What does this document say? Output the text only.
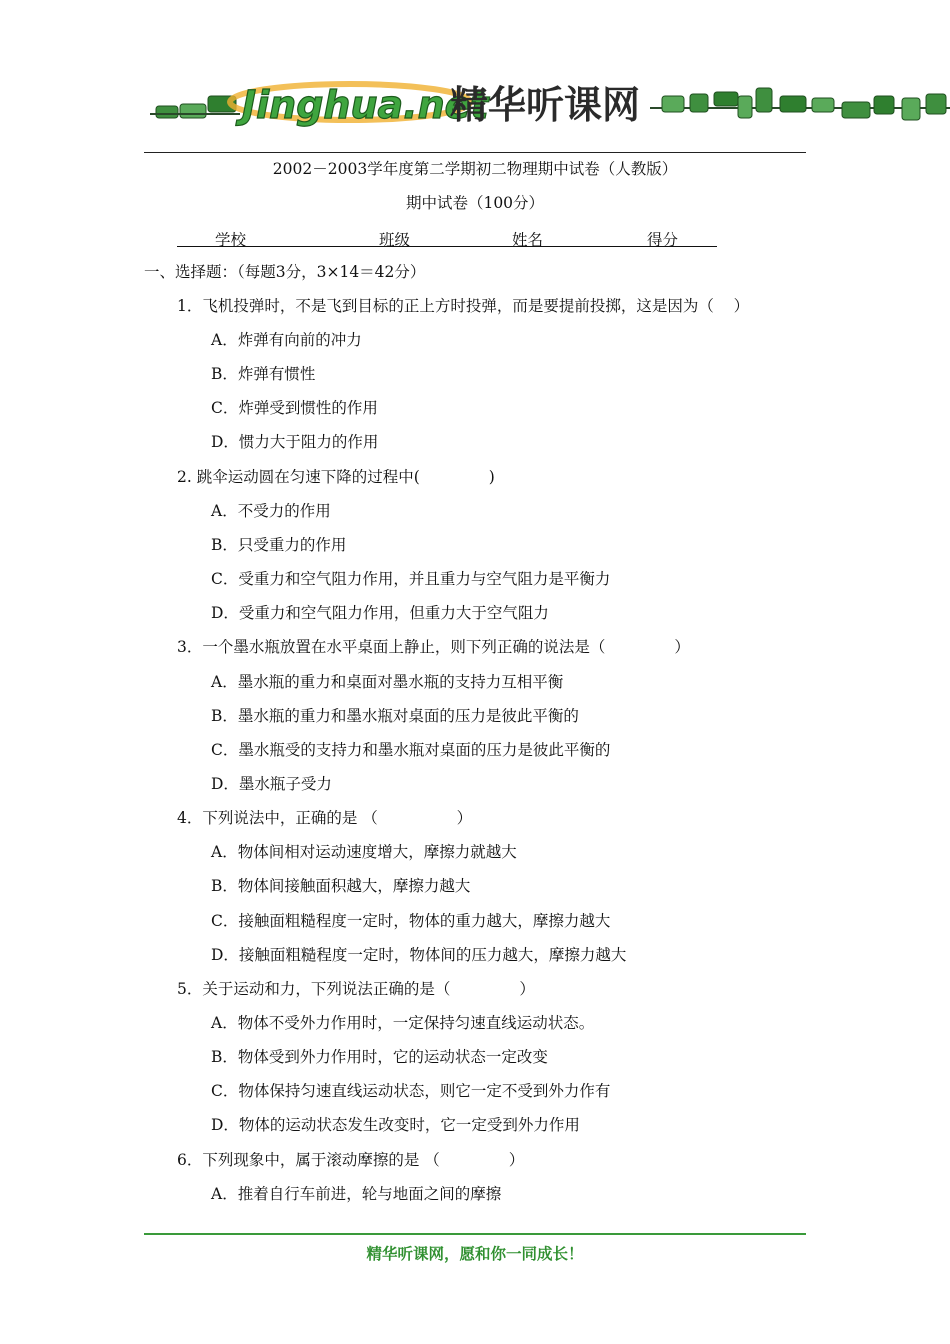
Jinghua.net
精华听课网
2002－2003学年度第二学期初二物理期中试卷（人教版）
期中试卷（100分）
学校	班级	姓名	得分
一、选择题：（每题3分，3×14＝42分）
1．飞机投弹时，不是飞到目标的正上方时投弹，而是要提前投掷，这是因为（    ）
A．炸弹有向前的冲力
B．炸弹有惯性
C．炸弹受到惯性的作用
D．惯力大于阻力的作用
2. 跳伞运动圆在匀速下降的过程中(              )
A．不受力的作用
B．只受重力的作用
C．受重力和空气阻力作用，并且重力与空气阻力是平衡力
D．受重力和空气阻力作用，但重力大于空气阻力
3．一个墨水瓶放置在水平桌面上静止，则下列正确的说法是（              ）
A．墨水瓶的重力和桌面对墨水瓶的支持力互相平衡
B．墨水瓶的重力和墨水瓶对桌面的压力是彼此平衡的
C．墨水瓶受的支持力和墨水瓶对桌面的压力是彼此平衡的
D．墨水瓶子受力
4．下列说法中，正确的是 （                ）
A．物体间相对运动速度增大，摩擦力就越大
B．物体间接触面积越大，摩擦力越大
C．接触面粗糙程度一定时，物体的重力越大，摩擦力越大
D．接触面粗糙程度一定时，物体间的压力越大，摩擦力越大
5．关于运动和力，下列说法正确的是（              ）
A．物体不受外力作用时，一定保持匀速直线运动状态。
B．物体受到外力作用时，它的运动状态一定改变
C．物体保持匀速直线运动状态，则它一定不受到外力作有
D．物体的运动状态发生改变时，它一定受到外力作用
6．下列现象中，属于滚动摩擦的是 （              ）
A．推着自行车前进，轮与地面之间的摩擦
精华听课网，愿和你一同成长！
